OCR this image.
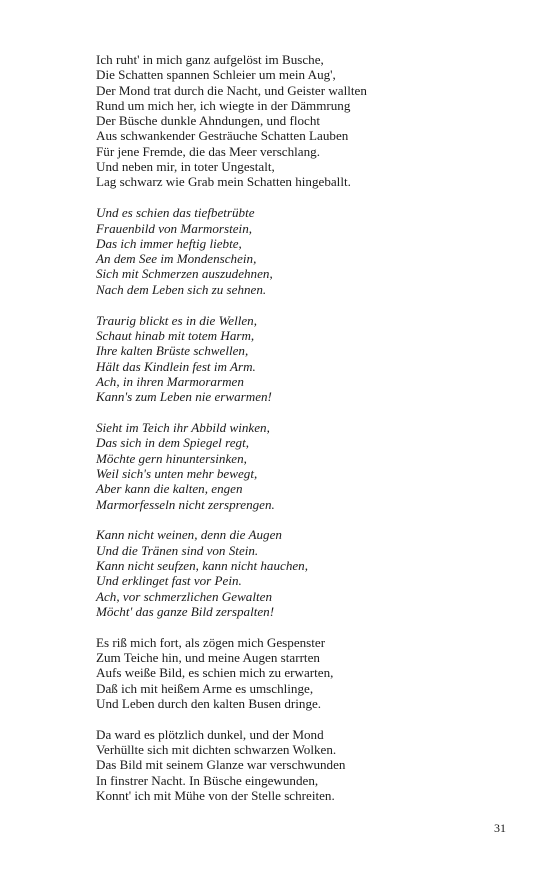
Ich ruht' in mich ganz aufgelöst im Busche,
Die Schatten spannen Schleier um mein Aug',
Der Mond trat durch die Nacht, und Geister wallten
Rund um mich her, ich wiegte in der Dämmrung
Der Büsche dunkle Ahndungen, und flocht
Aus schwankender Gesträuche Schatten Lauben
Für jene Fremde, die das Meer verschlang.
Und neben mir, in toter Ungestalt,
Lag schwarz wie Grab mein Schatten hingeballt.
Und es schien das tiefbetrübte
Frauenbild von Marmorstein,
Das ich immer heftig liebte,
An dem See im Mondenschein,
Sich mit Schmerzen auszudehnen,
Nach dem Leben sich zu sehnen.
Traurig blickt es in die Wellen,
Schaut hinab mit totem Harm,
Ihre kalten Brüste schwellen,
Hält das Kindlein fest im Arm.
Ach, in ihren Marmorarmen
Kann's zum Leben nie erwarmen!
Sieht im Teich ihr Abbild winken,
Das sich in dem Spiegel regt,
Möchte gern hinuntersinken,
Weil sich's unten mehr bewegt,
Aber kann die kalten, engen
Marmorfesseln nicht zersprengen.
Kann nicht weinen, denn die Augen
Und die Tränen sind von Stein.
Kann nicht seufzen, kann nicht hauchen,
Und erklinget fast vor Pein.
Ach, vor schmerzlichen Gewalten
Möcht' das ganze Bild zerspalten!
Es riß mich fort, als zögen mich Gespenster
Zum Teiche hin, und meine Augen starrten
Aufs weiße Bild, es schien mich zu erwarten,
Daß ich mit heißem Arme es umschlinge,
Und Leben durch den kalten Busen dringe.
Da ward es plötzlich dunkel, und der Mond
Verhüllte sich mit dichten schwarzen Wolken.
Das Bild mit seinem Glanze war verschwunden
In finstrer Nacht. In Büsche eingewunden,
Konnt' ich mit Mühe von der Stelle schreiten.
31
